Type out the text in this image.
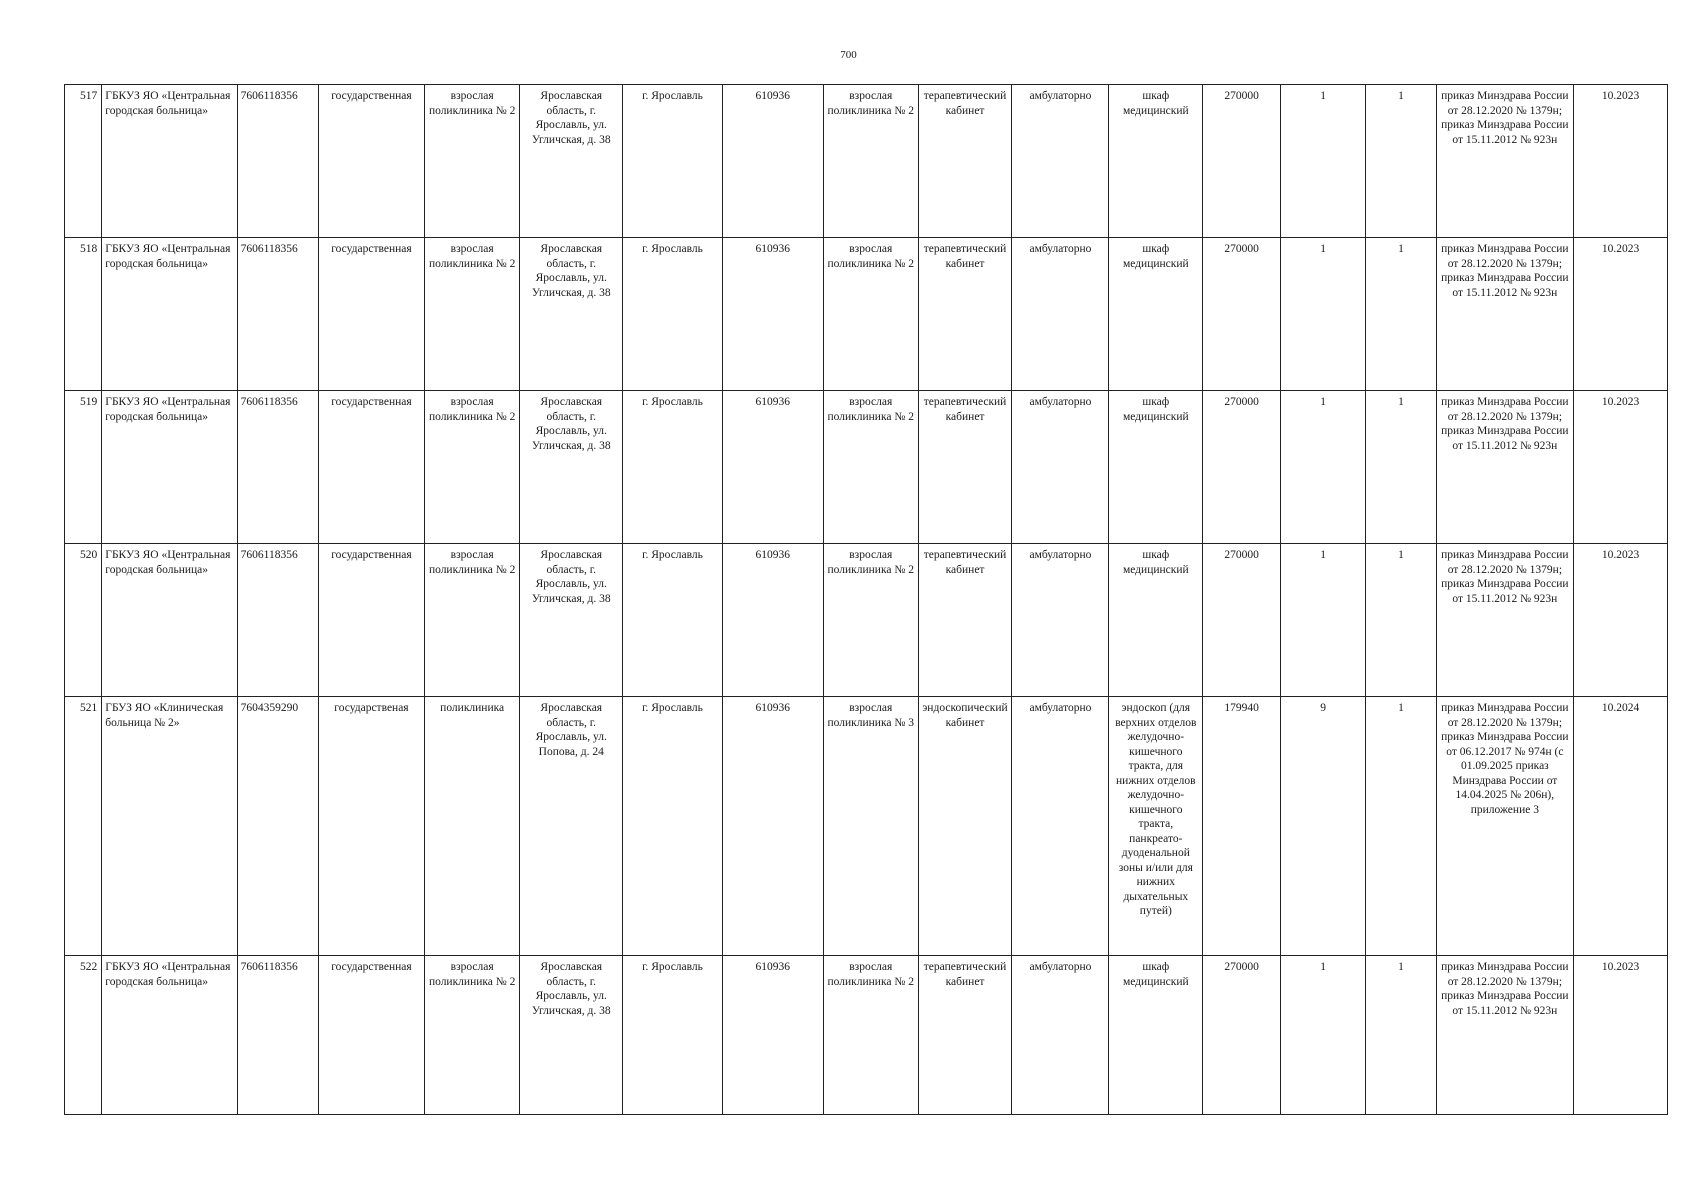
700
517	ГБКУЗ ЯО «Центральная городская больница»	7606118356	государственная	взрослая поликлиника № 2	Ярославская область, г. Ярославль, ул. Угличская, д. 38	г. Ярославль	610936	взрослая поликлиника № 2	терапевтический кабинет	амбулаторно	шкаф медицинский	270000	1	1	приказ Минздрава России от 28.12.2020 № 1379н; приказ Минздрава России от 15.11.2012 № 923н	10.2023
518	ГБКУЗ ЯО «Центральная городская больница»	7606118356	государственная	взрослая поликлиника № 2	Ярославская область, г. Ярославль, ул. Угличская, д. 38	г. Ярославль	610936	взрослая поликлиника № 2	терапевтический кабинет	амбулаторно	шкаф медицинский	270000	1	1	приказ Минздрава России от 28.12.2020 № 1379н; приказ Минздрава России от 15.11.2012 № 923н	10.2023
519	ГБКУЗ ЯО «Центральная городская больница»	7606118356	государственная	взрослая поликлиника № 2	Ярославская область, г. Ярославль, ул. Угличская, д. 38	г. Ярославль	610936	взрослая поликлиника № 2	терапевтический кабинет	амбулаторно	шкаф медицинский	270000	1	1	приказ Минздрава России от 28.12.2020 № 1379н; приказ Минздрава России от 15.11.2012 № 923н	10.2023
520	ГБКУЗ ЯО «Центральная городская больница»	7606118356	государственная	взрослая поликлиника № 2	Ярославская область, г. Ярославль, ул. Угличская, д. 38	г. Ярославль	610936	взрослая поликлиника № 2	терапевтический кабинет	амбулаторно	шкаф медицинский	270000	1	1	приказ Минздрава России от 28.12.2020 № 1379н; приказ Минздрава России от 15.11.2012 № 923н	10.2023
521	ГБУЗ ЯО «Клиническая больница № 2»	7604359290	государственая	поликлиника	Ярославская область, г. Ярославль, ул. Попова, д. 24	г. Ярославль	610936	взрослая поликлиника № 3	эндоскопический кабинет	амбулаторно	эндоскоп (для верхних отделов желудочно-кишечного тракта, для нижних отделов желудочно-кишечного тракта, панкреато-дуоденальной зоны и/или для нижних дыхательных путей)	179940	9	1	приказ Минздрава России от 28.12.2020 № 1379н; приказ Минздрава России от 06.12.2017 № 974н (с 01.09.2025 приказ Минздрава России от 14.04.2025 № 206н), приложение 3	10.2024
522	ГБКУЗ ЯО «Центральная городская больница»	7606118356	государственная	взрослая поликлиника № 2	Ярославская область, г. Ярославль, ул. Угличская, д. 38	г. Ярославль	610936	взрослая поликлиника № 2	терапевтический кабинет	амбулаторно	шкаф медицинский	270000	1	1	приказ Минздрава России от 28.12.2020 № 1379н; приказ Минздрава России от 15.11.2012 № 923н	10.2023
